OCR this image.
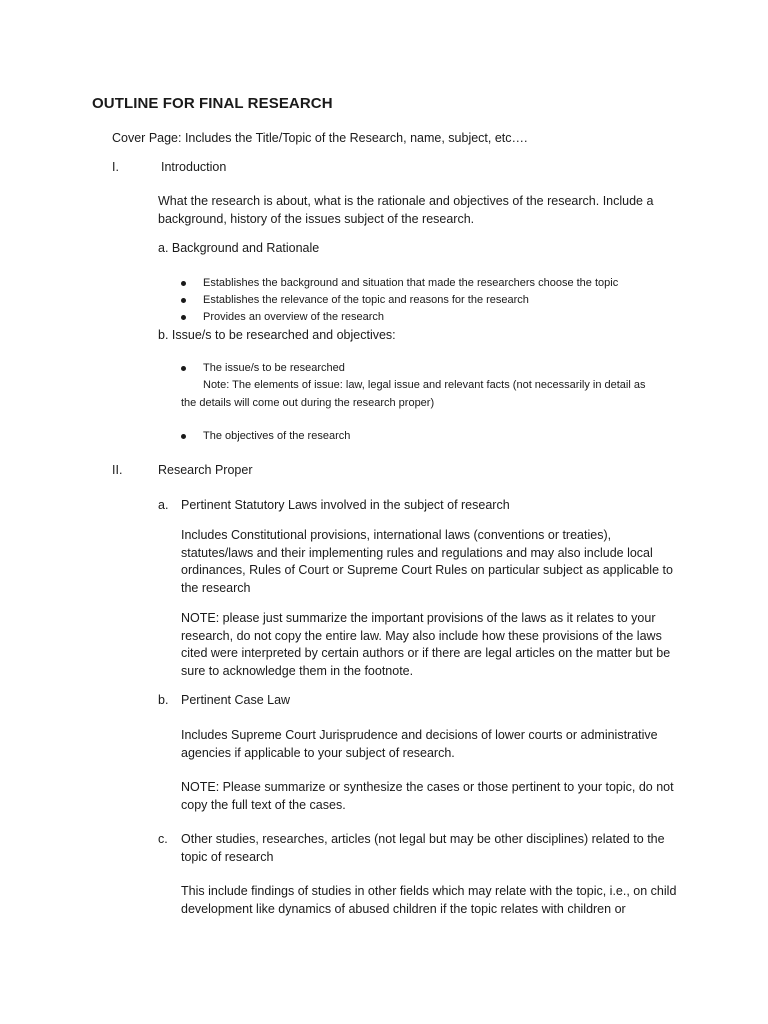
OUTLINE FOR FINAL RESEARCH
Cover Page: Includes the Title/Topic of the Research, name, subject, etc….
I.	Introduction
What the research is about, what is the rationale and objectives of the research. Include a background, history of the issues subject of the research.
a. Background and Rationale
Establishes the background and situation that made the researchers choose the topic
Establishes the relevance of the topic and reasons for the research
Provides an overview of the research
b. Issue/s to be researched and objectives:
The issue/s to be researched
Note: The elements of issue: law, legal issue and relevant facts (not necessarily in detail as
the details will come out during the research proper)
The objectives of the research
II.	Research Proper
a. Pertinent Statutory Laws involved in the subject of research
Includes Constitutional provisions, international laws (conventions or treaties), statutes/laws and their implementing rules and regulations and may also include local ordinances, Rules of Court or Supreme Court Rules on particular subject as applicable to the research
NOTE: please just summarize the important provisions of the laws as it relates to your research, do not copy the entire law. May also include how these provisions of the laws cited were interpreted by certain authors or if there are legal articles on the matter but be sure to acknowledge them in the footnote.
b. Pertinent Case Law
Includes Supreme Court Jurisprudence and decisions of lower courts or administrative agencies if applicable to your subject of research.
NOTE: Please summarize or synthesize the cases or those pertinent to your topic, do not copy the full text of the cases.
c. Other studies, researches, articles (not legal but may be other disciplines) related to the topic of research
This include findings of studies in other fields which may relate with the topic, i.e., on child development like dynamics of abused children if the topic relates with children or
